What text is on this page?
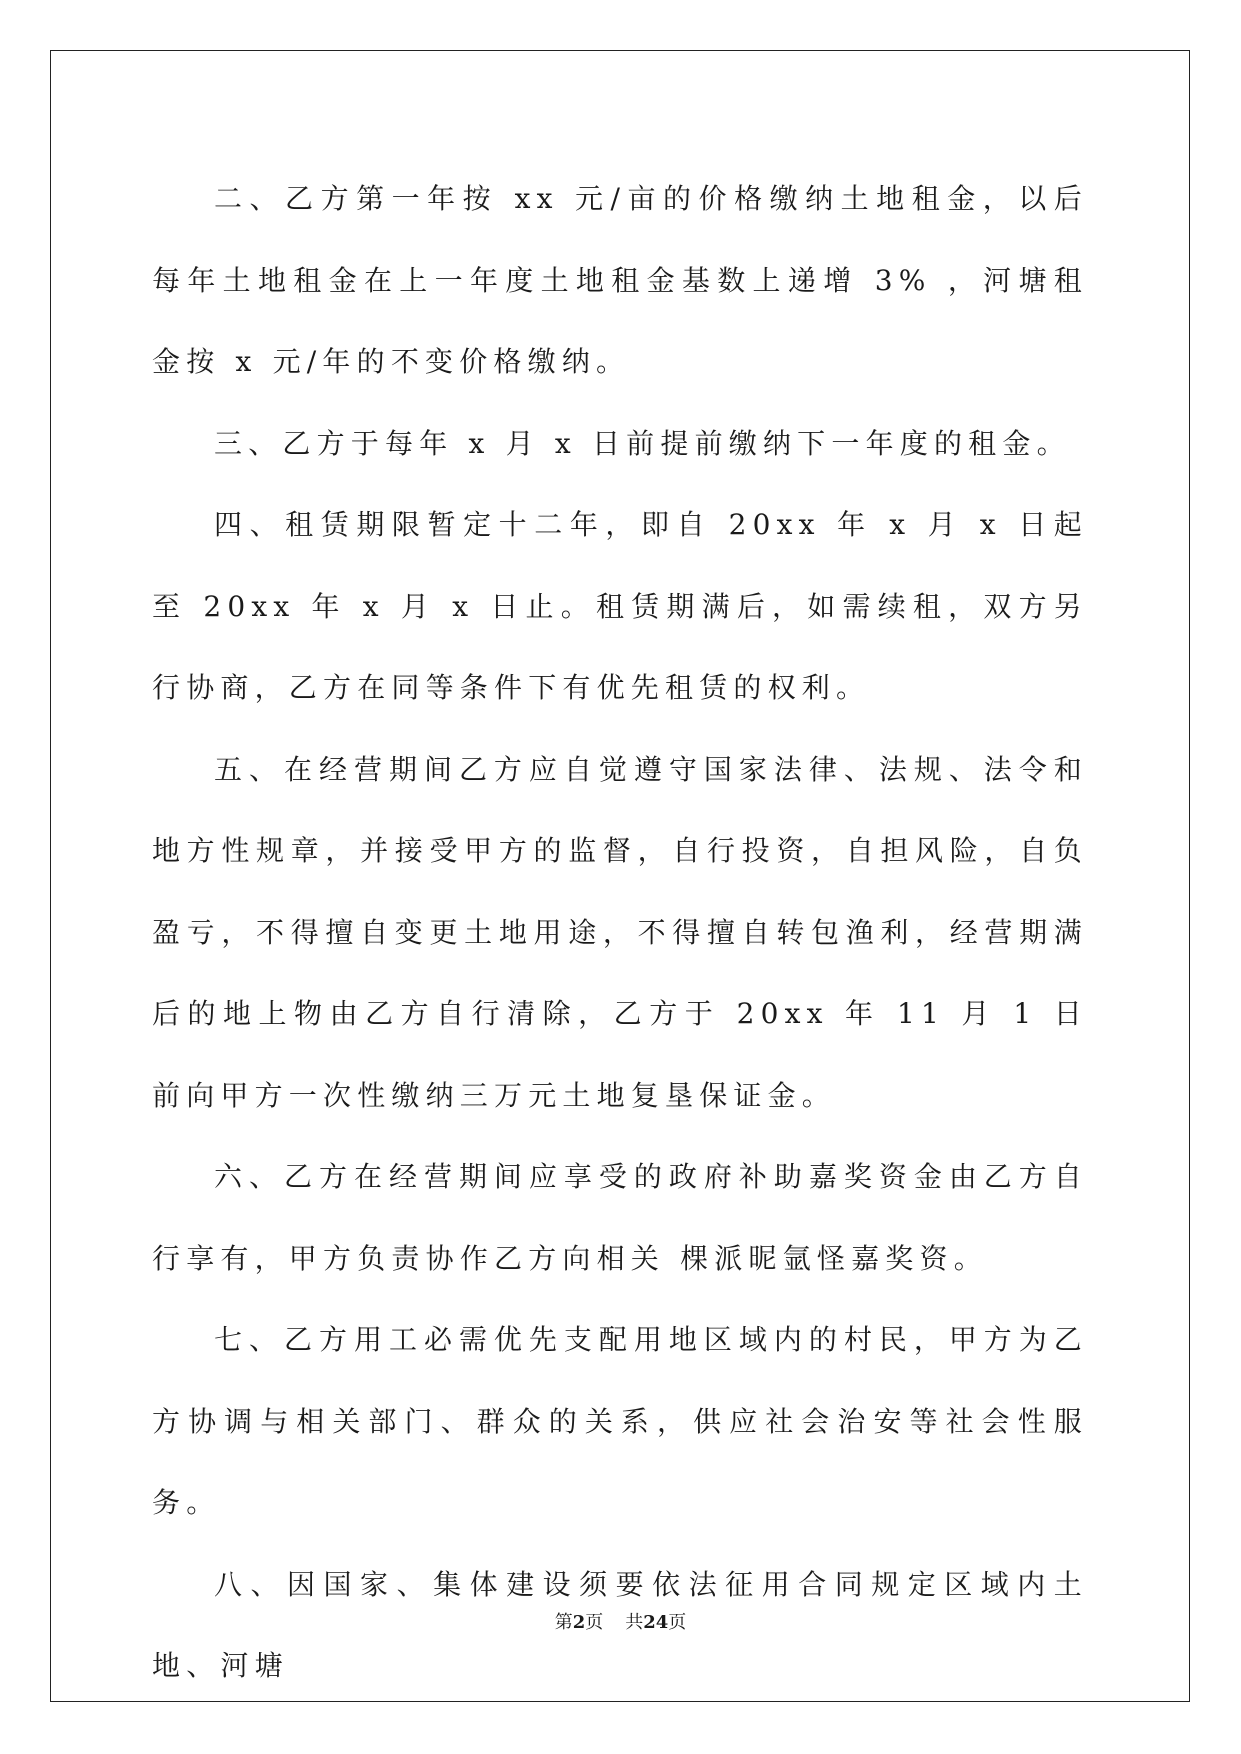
二、乙方第一年按 xx 元/亩的价格缴纳土地租金，以后每年土地租金在上一年度土地租金基数上递增 3% ，河塘租金按 x 元/年的不变价格缴纳。

三、乙方于每年 x 月 x 日前提前缴纳下一年度的租金。

四、租赁期限暂定十二年，即自 20xx 年 x 月 x 日起至 20xx 年 x 月 x 日止。租赁期满后，如需续租，双方另行协商，乙方在同等条件下有优先租赁的权利。

五、在经营期间乙方应自觉遵守国家法律、法规、法令和地方性规章，并接受甲方的监督，自行投资，自担风险，自负盈亏，不得擅自变更土地用途，不得擅自转包渔利，经营期满后的地上物由乙方自行清除，乙方于 20xx 年 11 月 1 日前向甲方一次性缴纳三万元土地复垦保证金。

六、乙方在经营期间应享受的政府补助嘉奖资金由乙方自行享有，甲方负责协作乙方向相关 棵派昵氩怪嘉奖资。

七、乙方用工必需优先支配用地区域内的村民，甲方为乙方协调与相关部门、群众的关系，供应社会治安等社会性服务。

八、因国家、集体建设须要依法征用合同规定区域内土地、河塘

第2页 共24页
